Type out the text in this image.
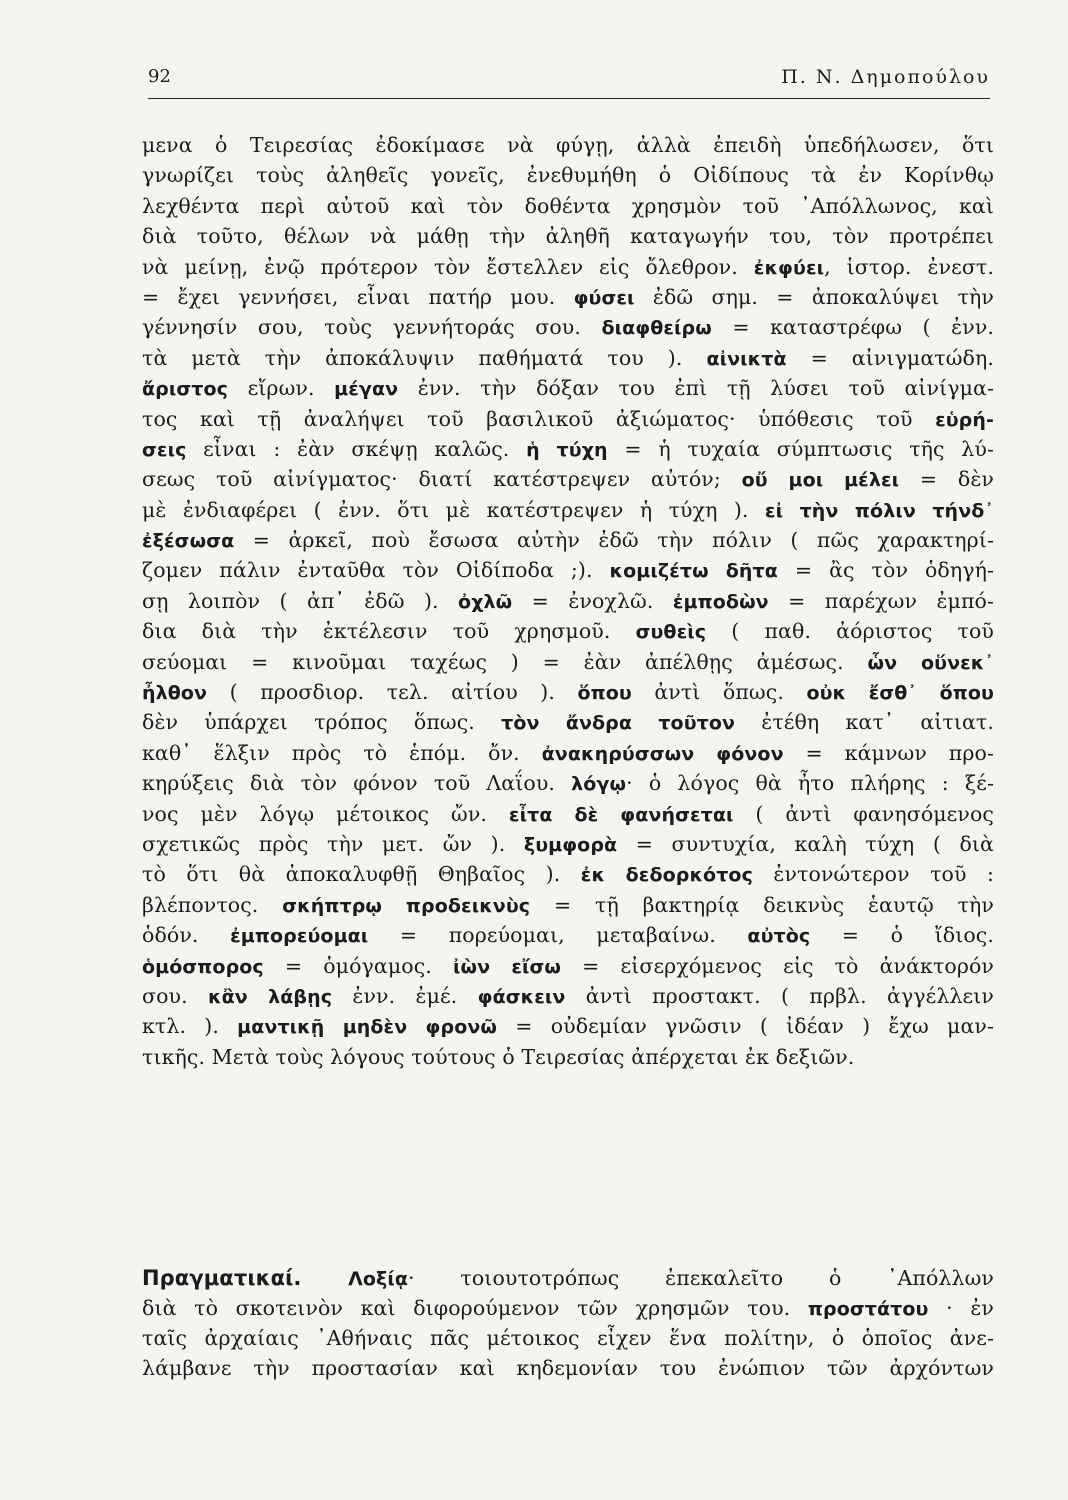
92	Π. Ν. Δημοπούλου
μενα ὁ Τειρεσίας ἐδοκίμασε νὰ φύγῃ, ἀλλὰ ἐπειδὴ ὑπεδήλωσεν, ὅτι
γνωρίζει τοὺς ἀληθεῖς γονεῖς, ἐνεθυμήθη ὁ Οἰδίπους τὰ ἐν Κορίνθῳ
λεχθέντα περὶ αὐτοῦ καὶ τὸν δοθέντα χρησμὸν τοῦ ᾿Απόλλωνος, καὶ
διὰ τοῦτο, θέλων νὰ μάθῃ τὴν ἀληθῆ καταγωγήν του, τὸν προτρέπει
νὰ μείνῃ, ἐνῷ πρότερον τὸν ἔστελλεν εἰς ὄλεθρον. ἐκφύει, ἱστορ. ἐνεστ.
= ἔχει γεννήσει, εἶναι πατήρ μου. φύσει ἐδῶ σημ. = ἀποκαλύψει τὴν
γέννησίν σου, τοὺς γεννήτοράς σου. διαφθείρω = καταστρέφω ( ἐνν.
τὰ μετὰ τὴν ἀποκάλυψιν παθήματά του ). αἰνικτὰ = αἰνιγματώδη.
ἄριστος εἴρων. μέγαν ἐνν. τὴν δόξαν του ἐπὶ τῇ λύσει τοῦ αἰνίγμα-
τος καὶ τῇ ἀναλήψει τοῦ βασιλικοῦ ἀξιώματος· ὑπόθεσις τοῦ εὑρή-
σεις εἶναι : ἐὰν σκέψῃ καλῶς. ἡ τύχη = ἡ τυχαία σύμπτωσις τῆς λύ-
σεως τοῦ αἰνίγματος· διατί κατέστρεψεν αὐτόν; οὔ μοι μέλει = δὲν
μὲ ἐνδιαφέρει ( ἐνν. ὅτι μὲ κατέστρεψεν ἡ τύχη ). εἰ τὴν πόλιν τήνδ᾿
ἐξέσωσα = ἀρκεῖ, ποὺ ἔσωσα αὐτὴν ἐδῶ τὴν πόλιν ( πῶς χαρακτηρί-
ζομεν πάλιν ἐνταῦθα τὸν Οἰδίποδα ;). κομιζέτω δῆτα = ἂς τὸν ὁδηγή-
σῃ λοιπὸν ( ἀπ᾿ ἐδῶ ). ὀχλῶ = ἐνοχλῶ. ἐμποδὼν = παρέχων ἐμπό-
δια διὰ τὴν ἐκτέλεσιν τοῦ χρησμοῦ. συθεὶς ( παθ. ἀόριστος τοῦ
σεύομαι = κινοῦμαι ταχέως ) = ἐὰν ἀπέλθῃς ἀμέσως. ὧν οὕνεκ᾿
ἦλθον ( προσδιορ. τελ. αἰτίου ). ὅπου ἀντὶ ὅπως. οὐκ ἔσθ᾿ ὅπου
δὲν ὑπάρχει τρόπος ὅπως. τὸν ἄνδρα τοῦτον ἐτέθη κατ᾿ αἰτιατ.
καθ᾿ ἕλξιν πρὸς τὸ ἑπόμ. ὄν. ἀνακηρύσσων φόνον = κάμνων προ-
κηρύξεις διὰ τὸν φόνον τοῦ Λαΐου. λόγῳ· ὁ λόγος θὰ ἦτο πλήρης : ξέ-
νος μὲν λόγῳ μέτοικος ὤν. εἶτα δὲ φανήσεται ( ἀντὶ φανησόμενος
σχετικῶς πρὸς τὴν μετ. ὤν ). ξυμφορὰ = συντυχία, καλὴ τύχη ( διὰ
τὸ ὅτι θὰ ἀποκαλυφθῇ Θηβαῖος ). ἐκ δεδορκότος ἐντονώτερον τοῦ :
βλέποντος. σκήπτρῳ προδεικνὺς = τῇ βακτηρίᾳ δεικνὺς ἑαυτῷ τὴν
ὁδόν. ἐμπορεύομαι = πορεύομαι, μεταβαίνω. αὐτὸς = ὁ ἴδιος.
ὁμόσπορος = ὁμόγαμος. ἰὼν εἴσω = εἰσερχόμενος εἰς τὸ ἀνάκτορόν
σου. κἂν λάβῃς ἐνν. ἐμέ. φάσκειν ἀντὶ προστακτ. ( πρβλ. ἀγγέλλειν
κτλ. ). μαντικῇ μηδὲν φρονῶ = οὐδεμίαν γνῶσιν ( ἰδέαν ) ἔχω μαν-
τικῆς. Μετὰ τοὺς λόγους τούτους ὁ Τειρεσίας ἀπέρχεται ἐκ δεξιῶν.
Πραγματικαί. Λοξίᾳ· τοιουτοτρόπως ἐπεκαλεῖτο ὁ ᾿Απόλλων
διὰ τὸ σκοτεινὸν καὶ διφορούμενον τῶν χρησμῶν του. προστάτου · ἐν
ταῖς ἀρχαίαις ᾿Αθήναις πᾶς μέτοικος εἶχεν ἕνα πολίτην, ὁ ὁποῖος ἀνε-
λάμβανε τὴν προστασίαν καὶ κηδεμονίαν του ἐνώπιον τῶν ἀρχόντων
